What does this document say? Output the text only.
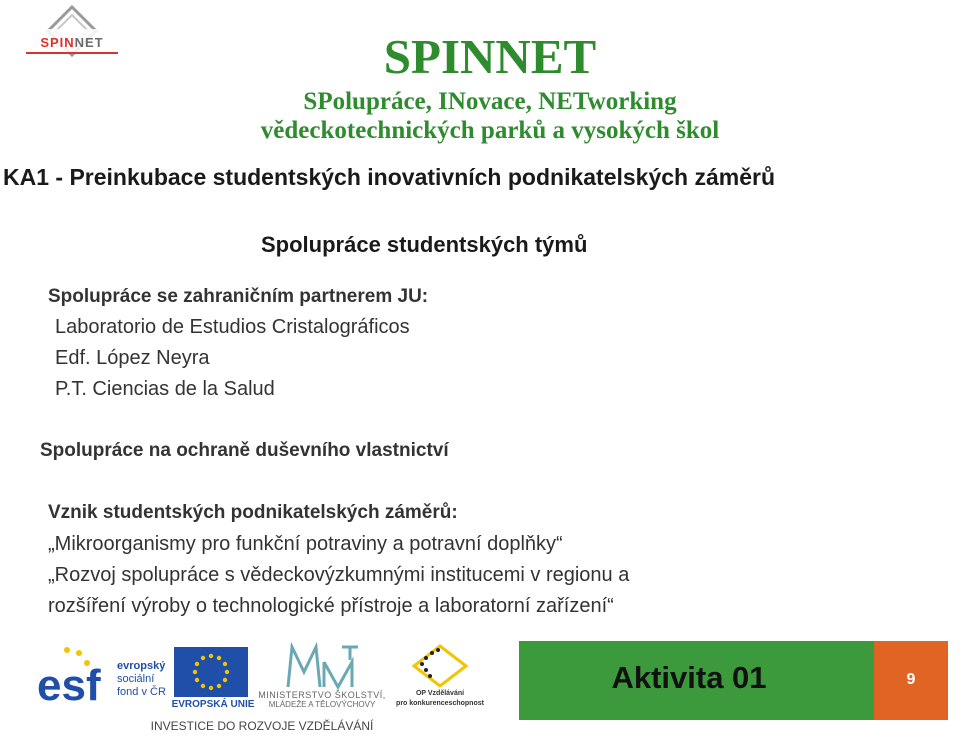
SPINNET	SPINNET
SPolupráce, INovace, NETworking
vědeckotechnických parků a vysokých škol
KA1 - Preinkubace studentských inovativních podnikatelských záměrů
Spolupráce studentských týmů
Spolupráce se zahraničním partnerem JU:
Laboratorio de Estudios Cristalográficos
Edf. López Neyra
P.T. Ciencias de la Salud
Spolupráce na ochraně duševního vlastnictví
Vznik studentských podnikatelských záměrů:
„Mikroorganismy pro funkční potraviny a potravní doplňky“
„Rozvoj spolupráce s vědeckovýzkumnými institucemi v regionu a
rozšíření výroby o technologické přístroje a laboratorní zařízení“
esf evropský
sociální
fond v ČR
EVROPSKÁ UNIE
MINISTERSTVO ŠKOLSTVÍ,
MLÁDEŽE A TĚLOVÝCHOVY
OP Vzdělávání
pro konkurenceschopnost
INVESTICE DO ROZVOJE VZDĚLÁVÁNÍ
Aktivita 01	9
